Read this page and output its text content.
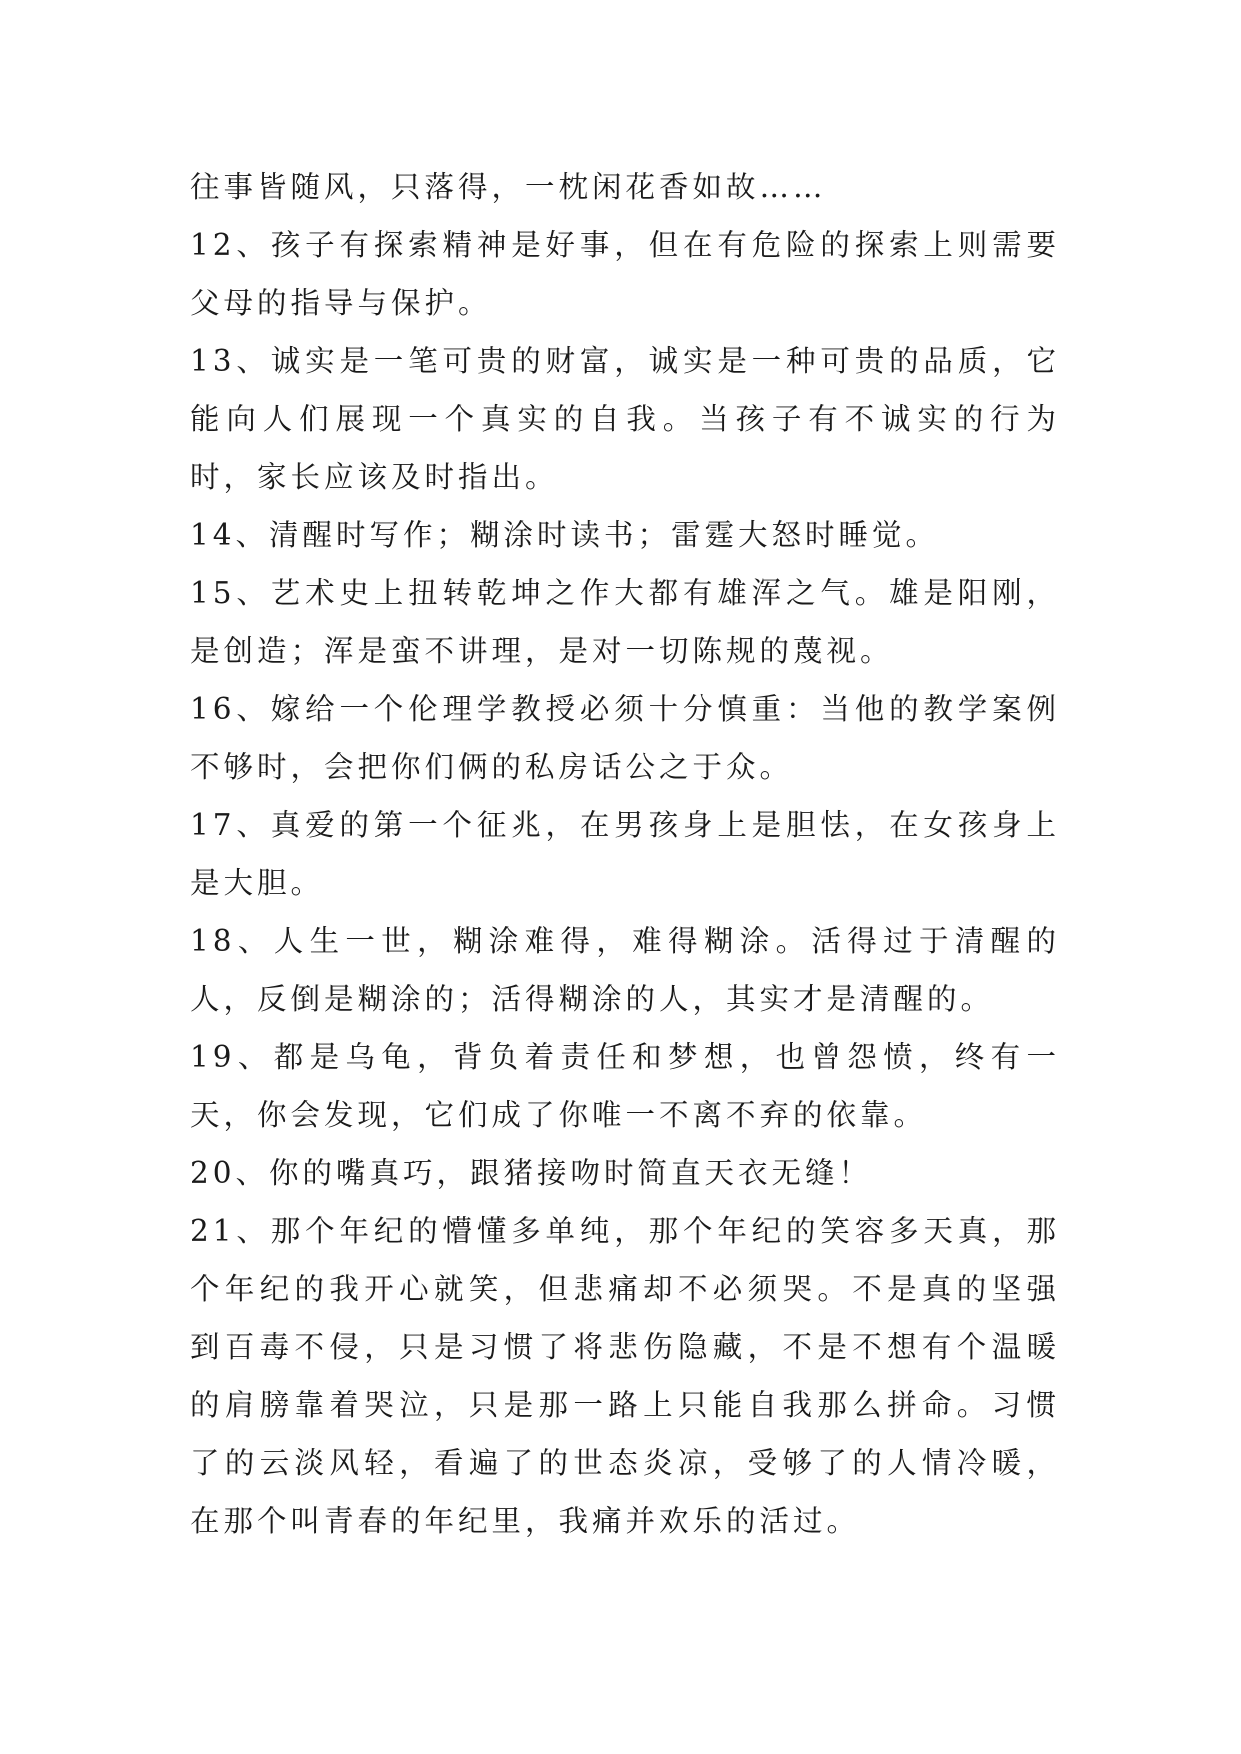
往事皆随风，只落得，一枕闲花香如故……

12、孩子有探索精神是好事，但在有危险的探索上则需要父母的指导与保护。

13、诚实是一笔可贵的财富，诚实是一种可贵的品质，它能向人们展现一个真实的自我。当孩子有不诚实的行为时，家长应该及时指出。

14、清醒时写作；糊涂时读书；雷霆大怒时睡觉。

15、艺术史上扭转乾坤之作大都有雄浑之气。雄是阳刚，是创造；浑是蛮不讲理，是对一切陈规的蔑视。

16、嫁给一个伦理学教授必须十分慎重：当他的教学案例不够时，会把你们俩的私房话公之于众。

17、真爱的第一个征兆，在男孩身上是胆怯，在女孩身上是大胆。

18、人生一世，糊涂难得，难得糊涂。活得过于清醒的人，反倒是糊涂的；活得糊涂的人，其实才是清醒的。

19、都是乌龟，背负着责任和梦想，也曾怨愤，终有一天，你会发现，它们成了你唯一不离不弃的依靠。

20、你的嘴真巧，跟猪接吻时简直天衣无缝！

21、那个年纪的懵懂多单纯，那个年纪的笑容多天真，那个年纪的我开心就笑，但悲痛却不必须哭。不是真的坚强到百毒不侵，只是习惯了将悲伤隐藏，不是不想有个温暖的肩膀靠着哭泣，只是那一路上只能自我那么拼命。习惯了的云淡风轻，看遍了的世态炎凉，受够了的人情冷暖，在那个叫青春的年纪里，我痛并欢乐的活过。
